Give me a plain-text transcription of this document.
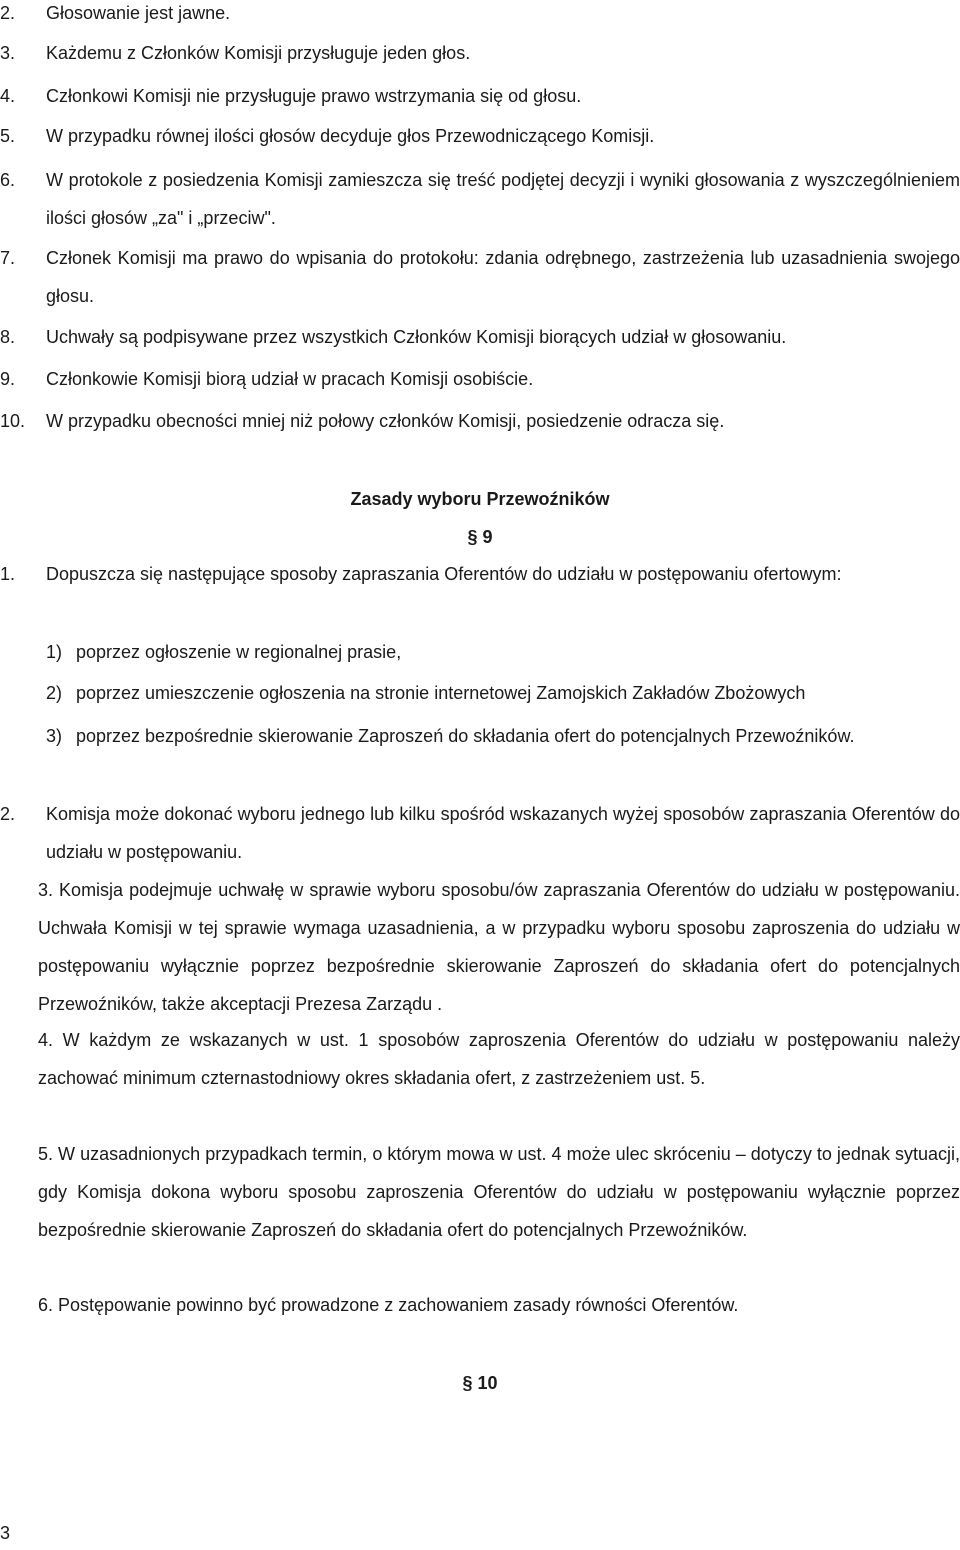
2.	Głosowanie jest jawne.
3.	Każdemu z Członków Komisji przysługuje jeden głos.
4.	Członkowi Komisji nie przysługuje prawo wstrzymania się od głosu.
5.	W przypadku równej ilości głosów decyduje głos Przewodniczącego Komisji.
6.	W protokole z posiedzenia Komisji zamieszcza się treść podjętej decyzji i wyniki głosowania z wyszczególnieniem ilości głosów „za" i „przeciw".
7.	Członek Komisji ma prawo do wpisania do protokołu: zdania odrębnego, zastrzeżenia lub uzasadnienia swojego głosu.
8.	Uchwały są podpisywane przez wszystkich Członków Komisji biorących udział w głosowaniu.
9.	Członkowie Komisji biorą udział w pracach Komisji osobiście.
10.	W przypadku obecności mniej niż połowy członków Komisji, posiedzenie odracza się.
Zasady wyboru Przewoźników
§ 9
1.	Dopuszcza się następujące sposoby zapraszania Oferentów do udziału w postępowaniu ofertowym:
1) poprzez ogłoszenie w regionalnej prasie,
2) poprzez umieszczenie ogłoszenia na stronie internetowej Zamojskich Zakładów Zbożowych
3) poprzez bezpośrednie skierowanie Zaproszeń do składania ofert do potencjalnych Przewoźników.
2.	Komisja może dokonać wyboru jednego lub kilku spośród wskazanych wyżej sposobów zapraszania Oferentów do udziału w postępowaniu.
3. Komisja podejmuje uchwałę w sprawie wyboru sposobu/ów zapraszania Oferentów do udziału w postępowaniu. Uchwała Komisji w tej sprawie wymaga uzasadnienia, a w przypadku wyboru sposobu zaproszenia do udziału w postępowaniu wyłącznie poprzez bezpośrednie skierowanie Zaproszeń do składania ofert do potencjalnych Przewoźników, także akceptacji Prezesa Zarządu .
4. W każdym ze wskazanych w ust. 1 sposobów zaproszenia Oferentów do udziału w postępowaniu należy zachować minimum czternastodniowy okres składania ofert, z zastrzeżeniem ust. 5.
5. W uzasadnionych przypadkach termin, o którym mowa w ust. 4 może ulec skróceniu – dotyczy to jednak sytuacji, gdy Komisja dokona wyboru sposobu zaproszenia Oferentów do udziału w postępowaniu wyłącznie poprzez bezpośrednie skierowanie Zaproszeń do składania ofert do potencjalnych Przewoźników.
6. Postępowanie powinno być prowadzone z zachowaniem zasady równości Oferentów.
§ 10
3
